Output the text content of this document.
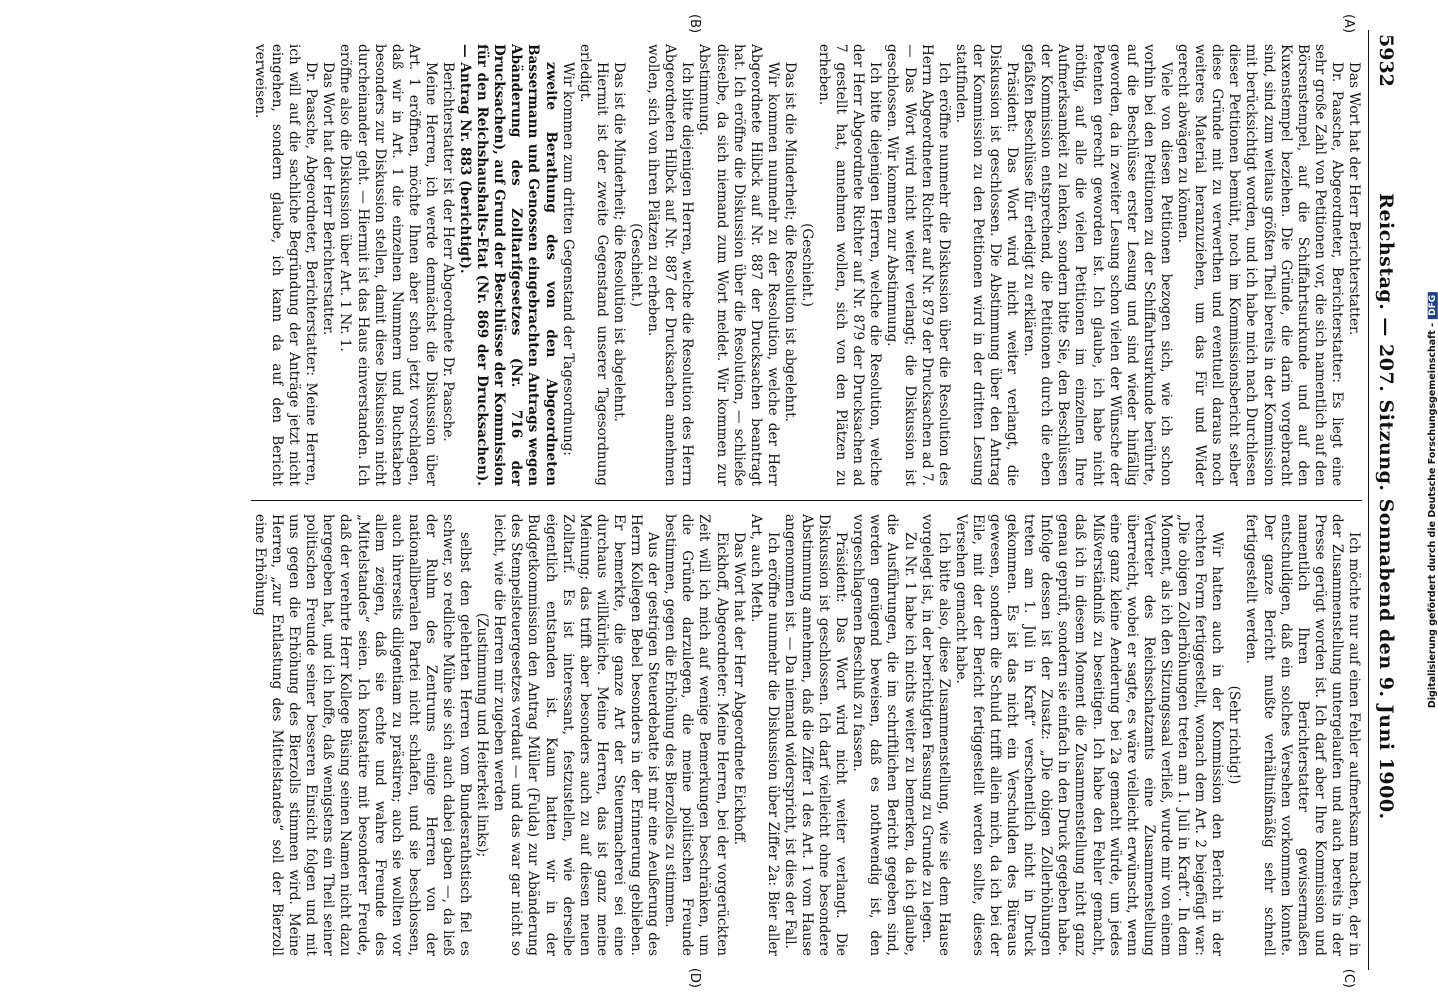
Digitalisierung gefördert durch die Deutsche Forschungsgemeinschaft -DFG
5932
Reichstag. — 207. Sitzung. Sonnabend den 9. Juni 1900.
(A)
(B)
(C)
(D)

Das Wort hat der Herr Berichterstatter.

Dr. Paasche, Abgeordneter, Berichterstatter: Es liegt eine sehr große Zahl von Petitionen vor, die sich namentlich auf den Börsenstempel, auf die Schiffahrtsurkunde und auf den Kuxenstempel beziehen. Die Gründe, die darin vorgebracht sind, sind zum weitaus größten Theil bereits in der Kommission mit berücksichtigt worden, und ich habe mich nach Durchlesen dieser Petitionen bemüht, noch im Kommissionsbericht selber diese Gründe mit zu verwerthen und eventuell daraus noch weiteres Material heranzuziehen, um das Für und Wider gerecht abwägen zu können.

Viele von diesen Petitionen bezogen sich, wie ich schon vorhin bei den Petitionen zu der Schiffahrtsurkunde berührte, auf die Beschlüsse erster Lesung und sind wieder hinfällig geworden, da in zweiter Lesung schon vielen der Wünsche der Petenten gerecht geworden ist. Ich glaube, ich habe nicht nöthig, auf alle die vielen Petitionen im einzelnen Ihre Aufmerksamkeit zu lenken, sondern bitte Sie, den Beschlüssen der Kommission entsprechend, die Petitionen durch die eben gefaßten Beschlüsse für erledigt zu erklären.

Präsident: Das Wort wird nicht weiter verlangt, die Diskussion ist geschlossen. Die Abstimmung über den Antrag der Kommission zu den Petitionen wird in der dritten Lesung stattfinden.

Ich eröffne nunmehr die Diskussion über die Resolution des Herrn Abgeordneten Richter auf Nr. 879 der Drucksachen ad 7. — Das Wort wird nicht weiter verlangt; die Diskussion ist geschlossen. Wir kommen zur Abstimmung.

Ich bitte diejenigen Herren, welche die Resolution, welche der Herr Abgeordnete Richter auf Nr. 879 der Drucksachen ad 7 gestellt hat, annehmen wollen, sich von den Plätzen zu erheben.

(Geschieht.)

Das ist die Minderheit; die Resolution ist abgelehnt.

Wir kommen nunmehr zu der Resolution, welche der Herr Abgeordnete Hilbck auf Nr. 887 der Drucksachen beantragt hat. Ich eröffne die Diskussion über die Resolution, — schließe dieselbe, da sich niemand zum Wort meldet. Wir kommen zur Abstimmung.

Ich bitte diejenigen Herren, welche die Resolution des Herrn Abgeordneten Hilbck auf Nr. 887 der Drucksachen annehmen wollen, sich von ihren Plätzen zu erheben.

(Geschieht.)

Das ist die Minderheit; die Resolution ist abgelehnt.

Hiermit ist der zweite Gegenstand unserer Tagesordnung erledigt.

Wir kommen zum dritten Gegenstand der Tagesordnung:

zweite Berathung des von den Abgeordneten Bassermann und Genossen eingebrachten Antrags wegen Abänderung des Zolltarifgesetzes (Nr. 716 der Drucksachen), auf Grund der Beschlüsse der Kommission für den Reichshaushalts-Etat (Nr. 869 der Drucksachen). — Antrag Nr. 883 (berichtigt).

Berichterstatter ist der Herr Abgeordnete Dr. Paasche.

Meine Herren, ich werde demnächst die Diskussion über Art. 1 eröffnen, möchte Ihnen aber schon jetzt vorschlagen, daß wir in Art. 1 die einzelnen Nummern und Buchstaben besonders zur Diskussion stellen, damit diese Diskussion nicht durcheinander geht. — Hiermit ist das Haus einverstanden. Ich eröffne also die Diskussion über Art. 1 Nr. 1.

Das Wort hat der Herr Berichterstatter.

Dr. Paasche, Abgeordneter, Berichterstatter: Meine Herren, ich will auf die sachliche Begründung der Anträge jetzt nicht eingehen, sondern glaube, ich kann da auf den Bericht verweisen.

Ich möchte nur auf einen Fehler aufmerksam machen, der in der Zusammenstellung untergelaufen und auch bereits in der Presse gerügt worden ist. Ich darf aber Ihre Kommission und namentlich Ihren Berichterstatter gewissermaßen entschuldigen, daß ein solches Versehen vorkommen konnte. Der ganze Bericht mußte verhältnißmäßig sehr schnell fertiggestellt werden.

(Sehr richtig!)

Wir hatten auch in der Kommission den Bericht in der rechten Form fertiggestellt, wonach dem Art. 2 beigefügt war: „Die obigen Zollerhöhungen treten am 1. Juli in Kraft“. In dem Moment, als ich den Sitzungssaal verließ, wurde mir von einem Vertreter des Reichsschatzamts eine Zusammenstellung überreicht, wobei er sagte, es wäre vielleicht erwünscht, wenn eine ganz kleine Aenderung bei 2a gemacht würde, um jedes Mißverständniß zu beseitigen. Ich habe den Fehler gemacht, daß ich in diesem Moment die Zusammenstellung nicht ganz genau geprüft, sondern sie einfach in den Druck gegeben habe. Infolge dessen ist der Zusatz: „Die obigen Zollerhöhungen treten am 1. Juli in Kraft“ verschentlich nicht in Druck gekommen. Es ist das nicht ein Verschulden des Büreaus gewesen, sondern die Schuld trifft allein mich, da ich bei der Eile, mit der der Bericht fertiggestellt werden sollte, dieses Versehen gemacht habe.

Ich bitte also, diese Zusammenstellung, wie sie dem Hause vorgelegt ist, in der berichtigten Fassung zu Grunde zu legen.

Zu Nr. 1 habe ich nichts weiter zu bemerken, da ich glaube, die Ausführungen, die im schriftlichen Bericht gegeben sind, werden genügend beweisen, daß es nothwendig ist, den vorgeschlagenen Beschluß zu fassen.

Präsident: Das Wort wird nicht weiter verlangt. Die Diskussion ist geschlossen. Ich darf vielleicht ohne besondere Abstimmung annehmen, daß die Ziffer 1 des Art. 1 vom Hause angenommen ist. — Da niemand widerspricht, ist dies der Fall.

Ich eröffne nunmehr die Diskussion über Ziffer 2a: Bier aller Art, auch Meth.

Das Wort hat der Herr Abgeordnete Eickhoff.

Eickhoff, Abgeordneter: Meine Herren, bei der vorgerückten Zeit will ich mich auf wenige Bemerkungen beschränken, um die Gründe darzulegen, die meine politischen Freunde bestimmen, gegen die Erhöhung des Bierzolles zu stimmen.

Aus der gestrigen Steuerdebatte ist mir eine Aeußerung des Herrn Kollegen Bebel besonders in der Erinnerung geblieben. Er bemerkte, die ganze Art der Steuermacherei sei eine durchaus willkürliche. Meine Herren, das ist ganz meine Meinung; das trifft aber besonders auch zu auf diesen neuen Zolltarif. Es ist interessant, festzustellen, wie derselbe eigentlich entstanden ist. Kaum hatten wir in der Budgetkommission den Antrag Müller (Fulda) zur Abänderung des Stempelsteuergesetzes verdaut — und das war gar nicht so leicht, wie die Herren mir zugeben werden

(Zustimmung und Heiterkeit links);

selbst den gelehrten Herren vom Bundesrathstisch fiel es schwer, so redliche Mühe sie sich auch dabei gaben —, da ließ der Ruhm des Zentrums einige Herren von der nationalliberalen Partei nicht schlafen, und sie beschlossen, auch ihrerseits diligentiam zu prästiren; auch sie wollten vor allem zeigen, daß sie echte und wahre Freunde des „Mittelstandes“ seien. Ich konstatire mit besonderer Freude, daß der verehrte Herr Kollege Büsing seinen Namen nicht dazu hergegeben hat, und ich hoffe, daß wenigstens ein Theil seiner politischen Freunde seiner besseren Einsicht folgen und mit uns gegen die Erhöhung des Bierzolls stimmen wird. Meine Herren, „zur Entlastung des Mittelstandes“ soll der Bierzoll eine Erhöhung
